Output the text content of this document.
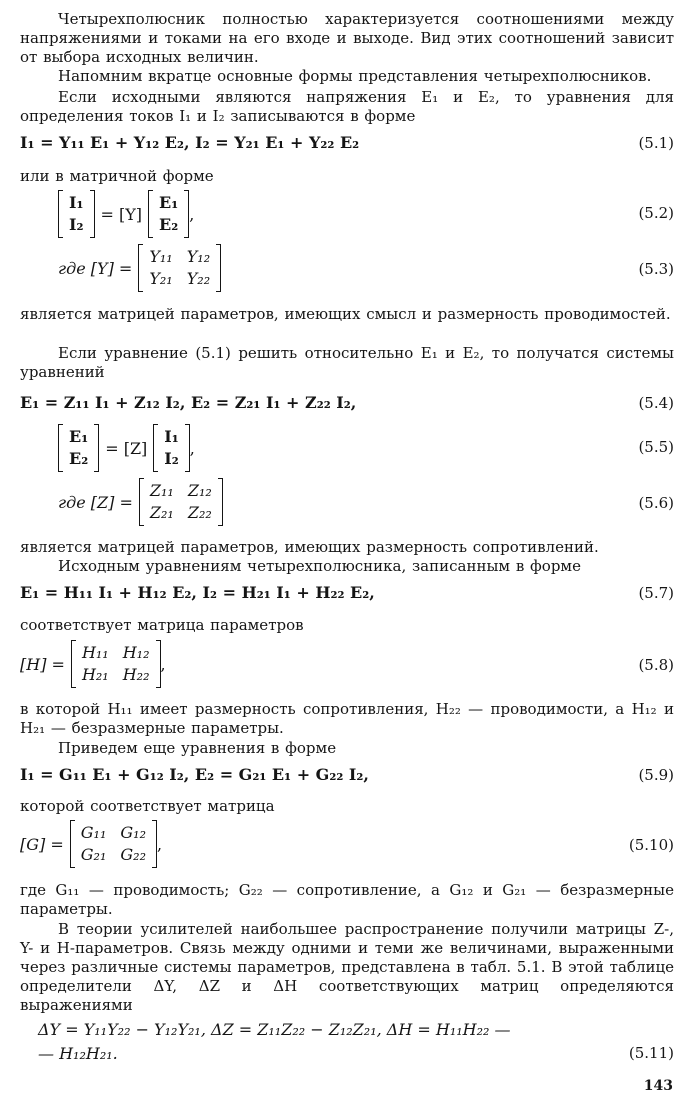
Четырехполюсник полностью характеризуется соотношениями между напряжениями и токами на его входе и выходе. Вид этих соотношений зависит от выбора исходных величин.

Напомним вкратце основные формы представления четырехполюсников.

Если исходными являются напряжения E₁ и E₂, то уравнения для определения токов I₁ и I₂ записываются в форме

I₁ = Y₁₁ E₁ + Y₁₂ E₂, I₂ = Y₂₁ E₁ + Y₂₂ E₂	(5.1)

или в матричной форме

I₁
I₂
= [Y]
E₁
E₂
,	(5.2)
где [Y] =
Y₁₁ Y₁₂
Y₂₁ Y₂₂	(5.3)

является матрицей параметров, имеющих смысл и размерность проводимостей.

Если уравнение (5.1) решить относительно E₁ и E₂, то получатся системы уравнений

E₁ = Z₁₁ I₁ + Z₁₂ I₂, E₂ = Z₂₁ I₁ + Z₂₂ I₂,	(5.4)
E₁
E₂
= [Z]
I₁
I₂
,	(5.5)
где [Z] =
Z₁₁ Z₁₂
Z₂₁ Z₂₂	(5.6)

является матрицей параметров, имеющих размерность сопротивлений.

Исходным уравнениям четырехполюсника, записанным в форме

E₁ = H₁₁ I₁ + H₁₂ E₂, I₂ = H₂₁ I₁ + H₂₂ E₂,	(5.7)

соответствует матрица параметров

[H] =
H₁₁ H₁₂
H₂₁ H₂₂
,	(5.8)

в которой H₁₁ имеет размерность сопротивления, H₂₂ — проводимости, а H₁₂ и H₂₁ — безразмерные параметры.

Приведем еще уравнения в форме

I₁ = G₁₁ E₁ + G₁₂ I₂, E₂ = G₂₁ E₁ + G₂₂ I₂,	(5.9)

которой соответствует матрица

[G] =
G₁₁ G₁₂
G₂₁ G₂₂
,	(5.10)

где G₁₁ — проводимость; G₂₂ — сопротивление, а G₁₂ и G₂₁ — безразмерные параметры.

В теории усилителей наибольшее распространение получили матрицы Z-, Y- и H-параметров. Связь между одними и теми же величинами, выраженными через различные системы параметров, представлена в табл. 5.1. В этой таблице определители ΔY, ΔZ и ΔH соответствующих матриц определяются выражениями

ΔY = Y₁₁Y₂₂ − Y₁₂Y₂₁, ΔZ = Z₁₁Z₂₂ − Z₁₂Z₂₁, ΔH = H₁₁H₂₂ —
— H₁₂H₂₁.	(5.11)
143
